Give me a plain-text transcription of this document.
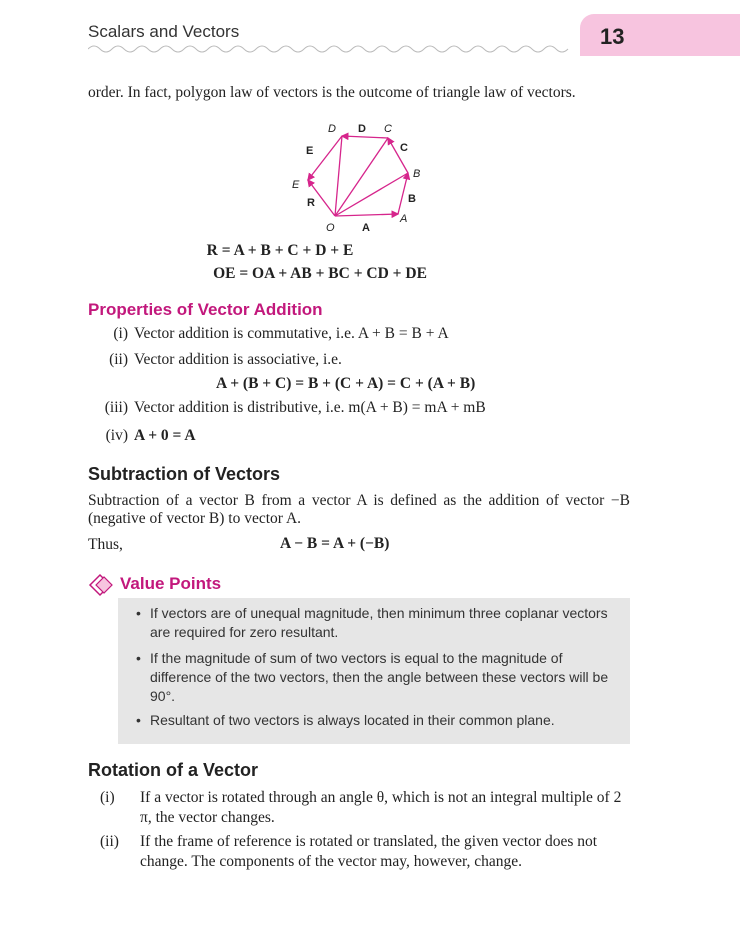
Scalars and Vectors	13

order. In fact, polygon law of vectors is the outcome of triangle law of vectors.

D D C
C
E
E
B
B
R
O A
A
R = A + B + C + D + E
OE = OA + AB + BC + CD + DE
Properties of Vector Addition
(i) Vector addition is commutative, i.e. A + B = B + A
(ii) Vector addition is associative, i.e.
A + (B + C) = B + (C + A) = C + (A + B)
(iii) Vector addition is distributive, i.e. m(A + B) = mA + mB
(iv) A + 0 = A
Subtraction of Vectors

Subtraction of a vector B from a vector A is defined as the addition of vector −B (negative of vector B) to vector A.

Thus,	A − B = A + (−B)
Value Points
• If vectors are of unequal magnitude, then minimum three coplanar vectors are required for zero resultant.
• If the magnitude of sum of two vectors is equal to the magnitude of difference of the two vectors, then the angle between these vectors will be 90°.
• Resultant of two vectors is always located in their common plane.
Rotation of a Vector
(i)	If a vector is rotated through an angle θ, which is not an integral multiple of 2 π, the vector changes.
(ii)	If the frame of reference is rotated or translated, the given vector does not change. The components of the vector may, however, change.
